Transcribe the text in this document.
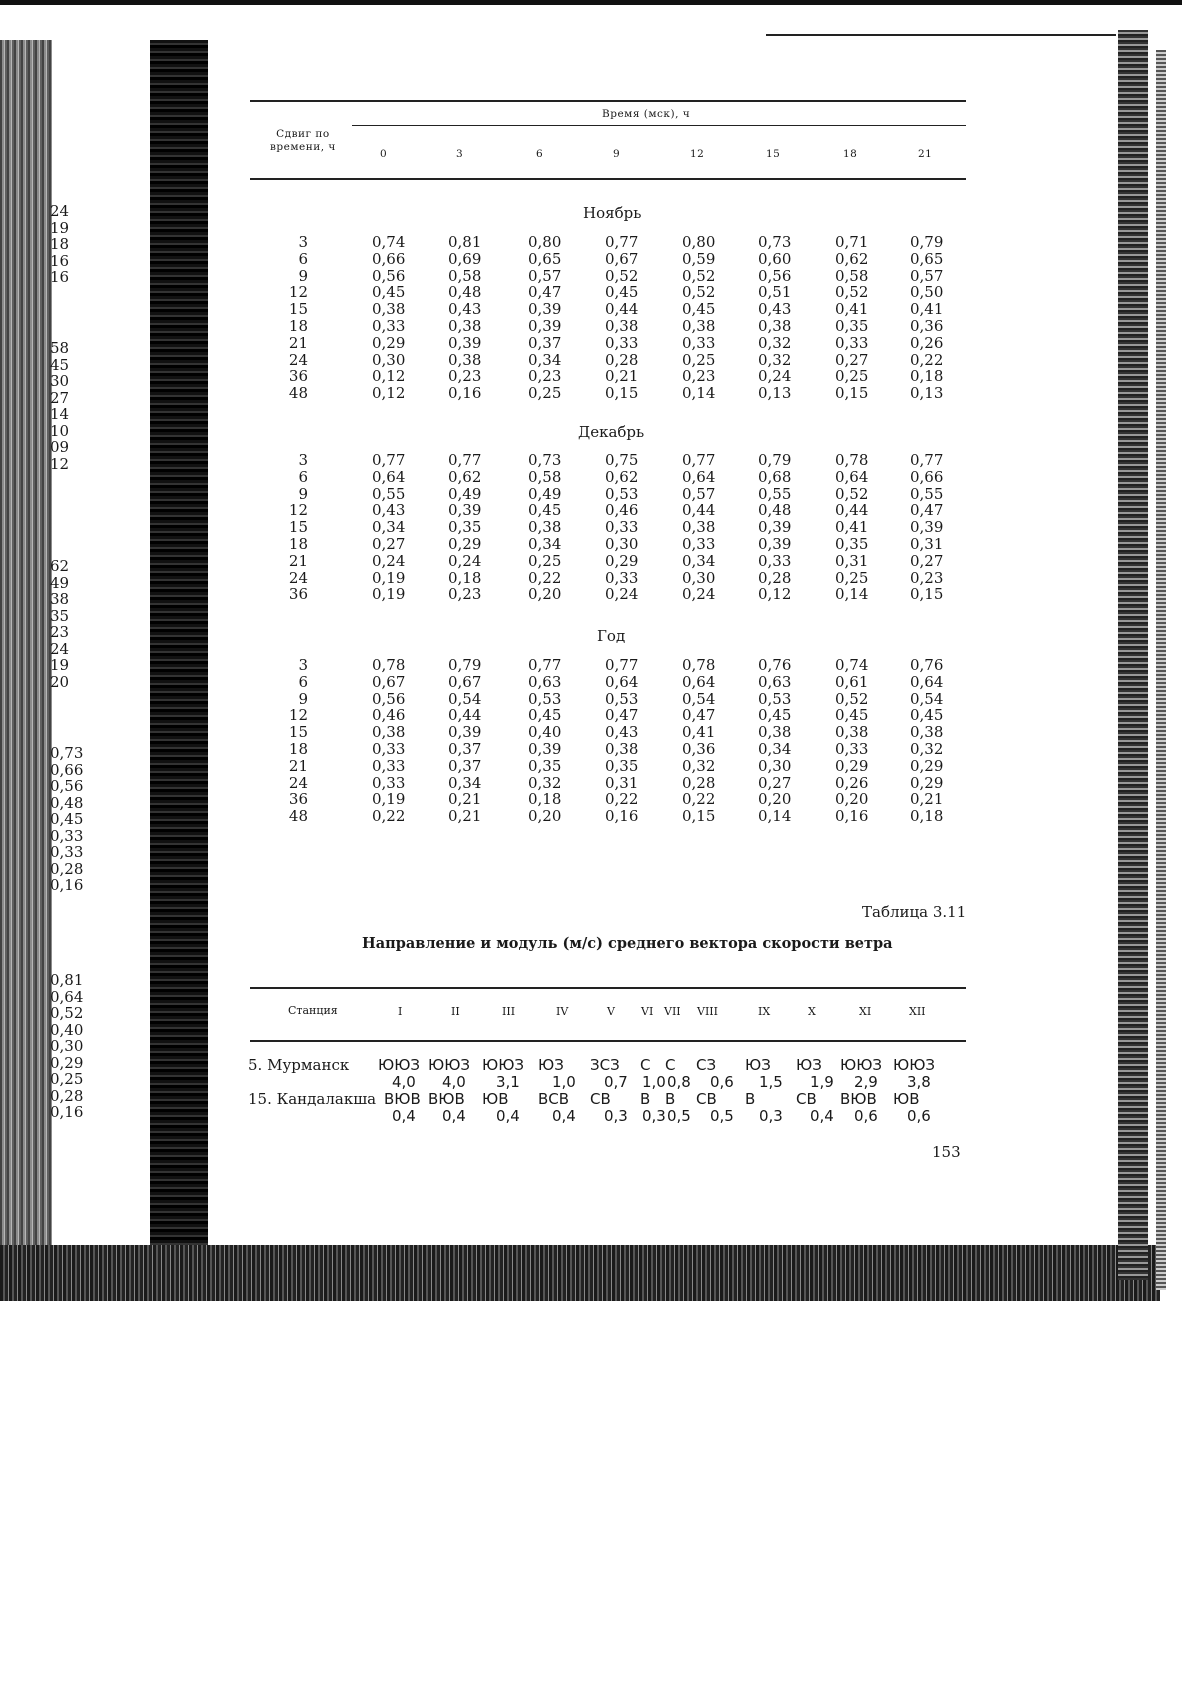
24
19
18
16
16
58
45
30
27
14
10
09
12
62
49
38
35
23
24
19
20
0,73
0,66
0,56
0,48
0,45
0,33
0,33
0,28
0,16
0,81
0,64
0,52
0,40
0,30
0,29
0,25
0,28
0,16
Время (мск), ч
Сдвиг по
времени, ч
0	3	6	9	12	15	18	21
Ноябрь
3	0,74	0,81	0,80	0,77	0,80	0,73	0,71	0,79
6	0,66	0,69	0,65	0,67	0,59	0,60	0,62	0,65
9	0,56	0,58	0,57	0,52	0,52	0,56	0,58	0,57
12	0,45	0,48	0,47	0,45	0,52	0,51	0,52	0,50
15	0,38	0,43	0,39	0,44	0,45	0,43	0,41	0,41
18	0,33	0,38	0,39	0,38	0,38	0,38	0,35	0,36
21	0,29	0,39	0,37	0,33	0,33	0,32	0,33	0,26
24	0,30	0,38	0,34	0,28	0,25	0,32	0,27	0,22
36	0,12	0,23	0,23	0,21	0,23	0,24	0,25	0,18
48	0,12	0,16	0,25	0,15	0,14	0,13	0,15	0,13
Декабрь
3	0,77	0,77	0,73	0,75	0,77	0,79	0,78	0,77
6	0,64	0,62	0,58	0,62	0,64	0,68	0,64	0,66
9	0,55	0,49	0,49	0,53	0,57	0,55	0,52	0,55
12	0,43	0,39	0,45	0,46	0,44	0,48	0,44	0,47
15	0,34	0,35	0,38	0,33	0,38	0,39	0,41	0,39
18	0,27	0,29	0,34	0,30	0,33	0,39	0,35	0,31
21	0,24	0,24	0,25	0,29	0,34	0,33	0,31	0,27
24	0,19	0,18	0,22	0,33	0,30	0,28	0,25	0,23
36	0,19	0,23	0,20	0,24	0,24	0,12	0,14	0,15
Год
3	0,78	0,79	0,77	0,77	0,78	0,76	0,74	0,76
6	0,67	0,67	0,63	0,64	0,64	0,63	0,61	0,64
9	0,56	0,54	0,53	0,53	0,54	0,53	0,52	0,54
12	0,46	0,44	0,45	0,47	0,47	0,45	0,45	0,45
15	0,38	0,39	0,40	0,43	0,41	0,38	0,38	0,38
18	0,33	0,37	0,39	0,38	0,36	0,34	0,33	0,32
21	0,33	0,37	0,35	0,35	0,32	0,30	0,29	0,29
24	0,33	0,34	0,32	0,31	0,28	0,27	0,26	0,29
36	0,19	0,21	0,18	0,22	0,22	0,20	0,20	0,21
48	0,22	0,21	0,20	0,16	0,15	0,14	0,16	0,18
Таблица 3.11
Направление и модуль (м/с) среднего вектора скорости ветра
Станция	I	II	III	IV	V VI VII VIII	IX	X	XI	XII
5. Мурманск ЮЮЗ ЮЮЗ ЮЮЗ ЮЗ ЗСЗ С С СЗ ЮЗ ЮЗ ЮЮЗ ЮЮЗ
4,0 4,0 3,1 1,0 0,7 1,0 0,8 0,6 1,5 1,9 2,9 3,8
15. Кандалакша ВЮВ ВЮВ ЮВ ВСВ СВ В В СВ В	СВ ВЮВ ЮВ
0,4 0,4 0,4 0,4 0,3 0,3 0,5 0,5 0,3 0,4 0,6 0,6
153
